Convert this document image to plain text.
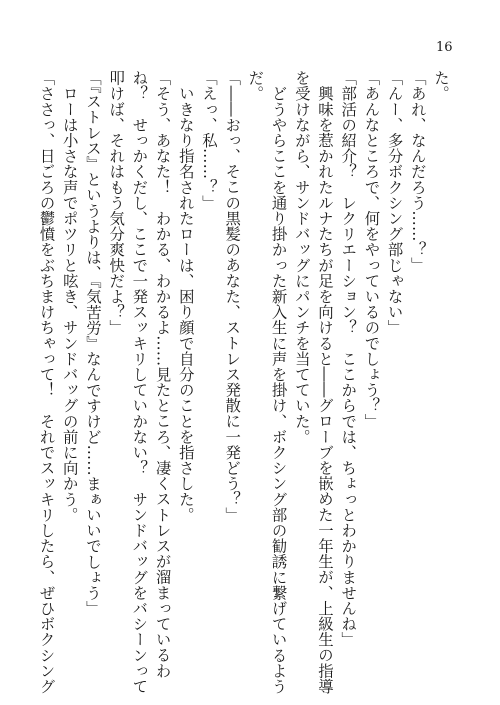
16
た。
「あれ、なんだろう……？」
「んー、多分ボクシング部じゃない」
「あんなところで、何をやっているのでしょう？」
「部活の紹介？　レクリエーション？　ここからでは、ちょっとわかりませんね」
　興味を惹かれたルナたちが足を向けると――グローブを嵌めた一年生が、上級生の指導
を受けながら、サンドバッグにパンチを当てていた。
　どうやらここを通り掛かった新入生に声を掛け、ボクシング部の勧誘に繋げているよう
だ。
「――おっ、そこの黒髪のあなた、ストレス発散に一発どう？」
「えっ、私……？」
　いきなり指名されたローは、困り顔で自分のことを指さした。
「そう、あなた！　わかる、わかるよ……見たところ、凄くストレスが溜まっているわ
ね？　せっかくだし、ここで一発スッキリしていかない？　サンドバッグをバシーンって
叩けば、それはもう気分爽快だよ？」
「『ストレス』というよりは、『気苦労』なんですけど……まぁいいでしょう」
　ローは小さな声でポツリと呟き、サンドバッグの前に向かう。
「ささっ、日ごろの鬱憤をぶちまけちゃって！　それでスッキリしたら、ぜひボクシング
